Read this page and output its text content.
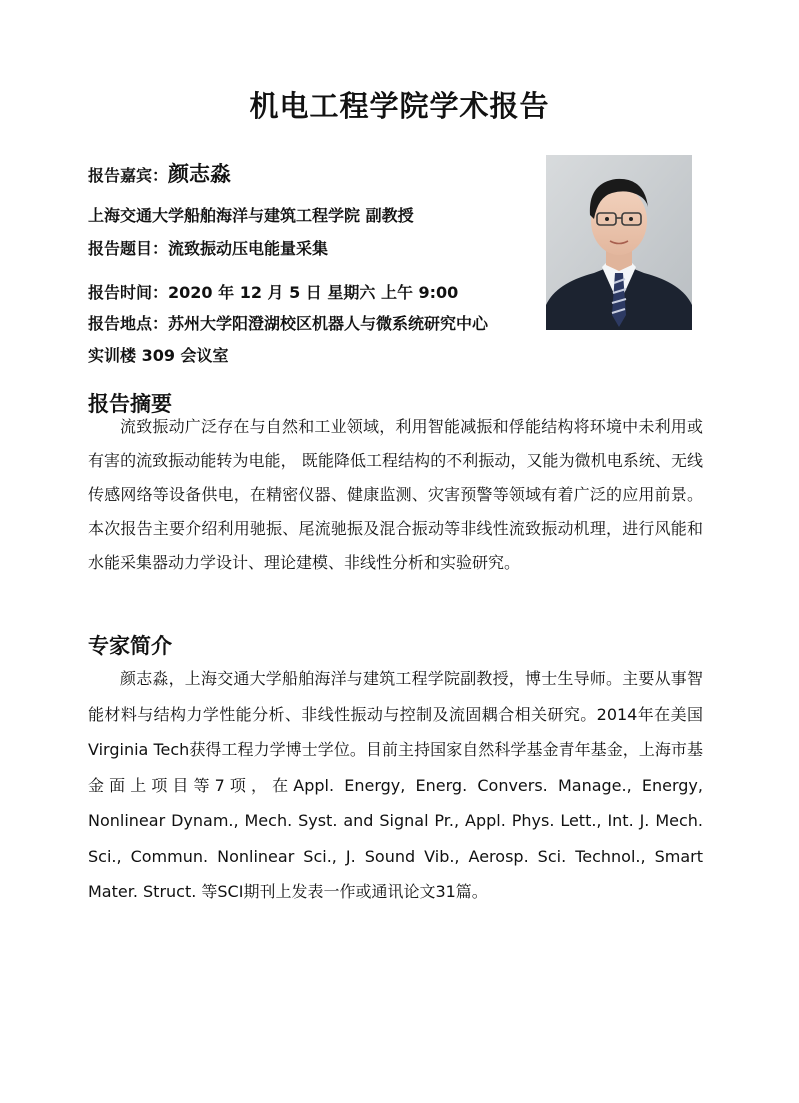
机电工程学院学术报告
报告嘉宾：颜志淼
上海交通大学船舶海洋与建筑工程学院 副教授
报告题目：流致振动压电能量采集
报告时间：2020 年 12 月 5 日 星期六 上午 9:00
报告地点：苏州大学阳澄湖校区机器人与微系统研究中心
实训楼 309 会议室
报告摘要
流致振动广泛存在与自然和工业领域，利用智能减振和俘能结构将环境中未利用或有害的流致振动能转为电能， 既能降低工程结构的不利振动，又能为微机电系统、无线传感网络等设备供电，在精密仪器、健康监测、灾害预警等领域有着广泛的应用前景。本次报告主要介绍利用驰振、尾流驰振及混合振动等非线性流致振动机理，进行风能和水能采集器动力学设计、理论建模、非线性分析和实验研究。
专家简介
颜志淼，上海交通大学船舶海洋与建筑工程学院副教授，博士生导师。主要从事智能材料与结构力学性能分析、非线性振动与控制及流固耦合相关研究。2014年在美国Virginia Tech获得工程力学博士学位。目前主持国家自然科学基金青年基金，上海市基金面上项目等7项，在Appl. Energy, Energ. Convers. Manage., Energy, Nonlinear Dynam., Mech. Syst. and Signal Pr., Appl. Phys. Lett., Int. J. Mech. Sci., Commun. Nonlinear Sci., J. Sound Vib., Aerosp. Sci. Technol., Smart Mater. Struct. 等SCI期刊上发表一作或通讯论文31篇。
